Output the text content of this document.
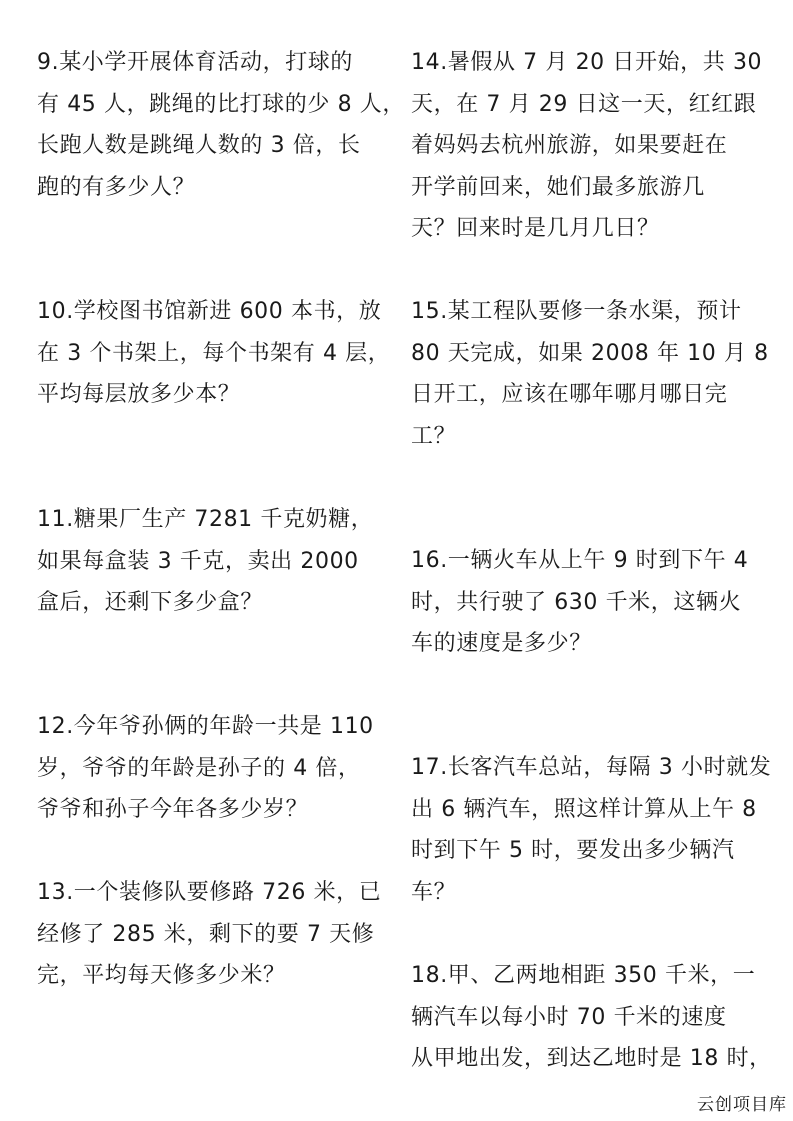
9.某小学开展体育活动，打球的
有 45 人，跳绳的比打球的少 8 人，
长跑人数是跳绳人数的 3 倍，长
跑的有多少人？
10.学校图书馆新进 600 本书，放
在 3 个书架上，每个书架有 4 层，
平均每层放多少本？
11.糖果厂生产 7281 千克奶糖，
如果每盒装 3 千克，卖出 2000
盒后，还剩下多少盒？
12.今年爷孙俩的年龄一共是 110
岁，爷爷的年龄是孙子的 4 倍，
爷爷和孙子今年各多少岁？
13.一个装修队要修路 726 米，已
经修了 285 米，剩下的要 7 天修
完，平均每天修多少米？
14.暑假从 7 月 20 日开始，共 30
天，在 7 月 29 日这一天，红红跟
着妈妈去杭州旅游，如果要赶在
开学前回来，她们最多旅游几
天？回来时是几月几日？
15.某工程队要修一条水渠，预计
80 天完成，如果 2008 年 10 月 8
日开工，应该在哪年哪月哪日完
工？
16.一辆火车从上午 9 时到下午 4
时，共行驶了 630 千米，这辆火
车的速度是多少？
17.长客汽车总站，每隔 3 小时就发
出 6 辆汽车，照这样计算从上午 8
时到下午 5 时，要发出多少辆汽
车？
18.甲、乙两地相距 350 千米，一
辆汽车以每小时 70 千米的速度
从甲地出发，到达乙地时是 18 时，
云创项目库
